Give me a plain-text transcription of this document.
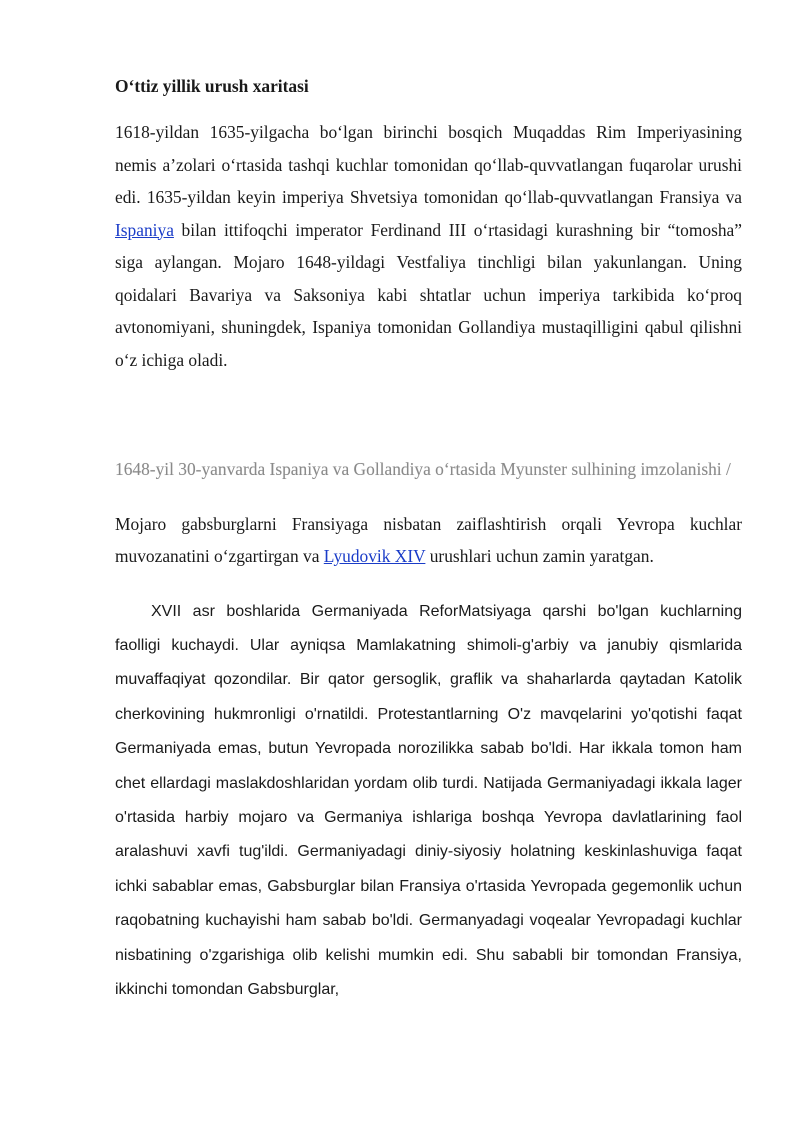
O‘ttiz yillik urush xaritasi

1618-yildan 1635-yilgacha bo‘lgan birinchi bosqich Muqaddas Rim Imperiyasining nemis a’zolari o‘rtasida tashqi kuchlar tomonidan qo‘llab-quvvatlangan fuqarolar urushi edi. 1635-yildan keyin imperiya Shvetsiya tomonidan qo‘llab-quvvatlangan Fransiya va Ispaniya bilan ittifoqchi imperator Ferdinand III o‘rtasidagi kurashning bir “tomosha” siga aylangan. Mojaro 1648-yildagi Vestfaliya tinchligi bilan yakunlangan. Uning qoidalari Bavariya va Saksoniya kabi shtatlar uchun imperiya tarkibida ko‘proq avtonomiyani, shuningdek, Ispaniya tomonidan Gollandiya mustaqilligini qabul qilishni o‘z ichiga oladi.

1648-yil 30-yanvarda Ispaniya va Gollandiya o‘rtasida Myunster sulhining imzolanishi /

Mojaro gabsburglarni Fransiyaga nisbatan zaiflashtirish orqali Yevropa kuchlar muvozanatini o‘zgartirgan va Lyudovik XIV urushlari uchun zamin yaratgan.

XVII asr boshlarida Germaniyada ReforMatsiyaga qarshi bo'lgan kuchlarning faolligi kuchaydi. Ular ayniqsa Mamlakatning shimoli-g'arbiy va janubiy qismlarida muvaffaqiyat qozondilar. Bir qator gersoglik, graflik va shaharlarda qaytadan Katolik cherkovining hukmronligi o'rnatildi. Protestantlarning O'z mavqelarini yo'qotishi faqat Germaniyada emas, butun Yevropada norozilikka sabab bo'ldi. Har ikkala tomon ham chet ellardagi maslakdoshlaridan yordam olib turdi. Natijada Germaniyadagi ikkala lager o'rtasida harbiy mojaro va Germaniya ishlariga boshqa Yevropa davlatlarining faol aralashuvi xavfi tug'ildi. Germaniyadagi diniy-siyosiy holatning keskinlashuviga faqat ichki sabablar emas, Gabsburglar bilan Fransiya o'rtasida Yevropada gegemonlik uchun raqobatning kuchayishi ham sabab bo'ldi. Germanyadagi voqealar Yevropadagi kuchlar nisbatining o'zgarishiga olib kelishi mumkin edi. Shu sababli bir tomondan Fransiya, ikkinchi tomondan Gabsburglar,
